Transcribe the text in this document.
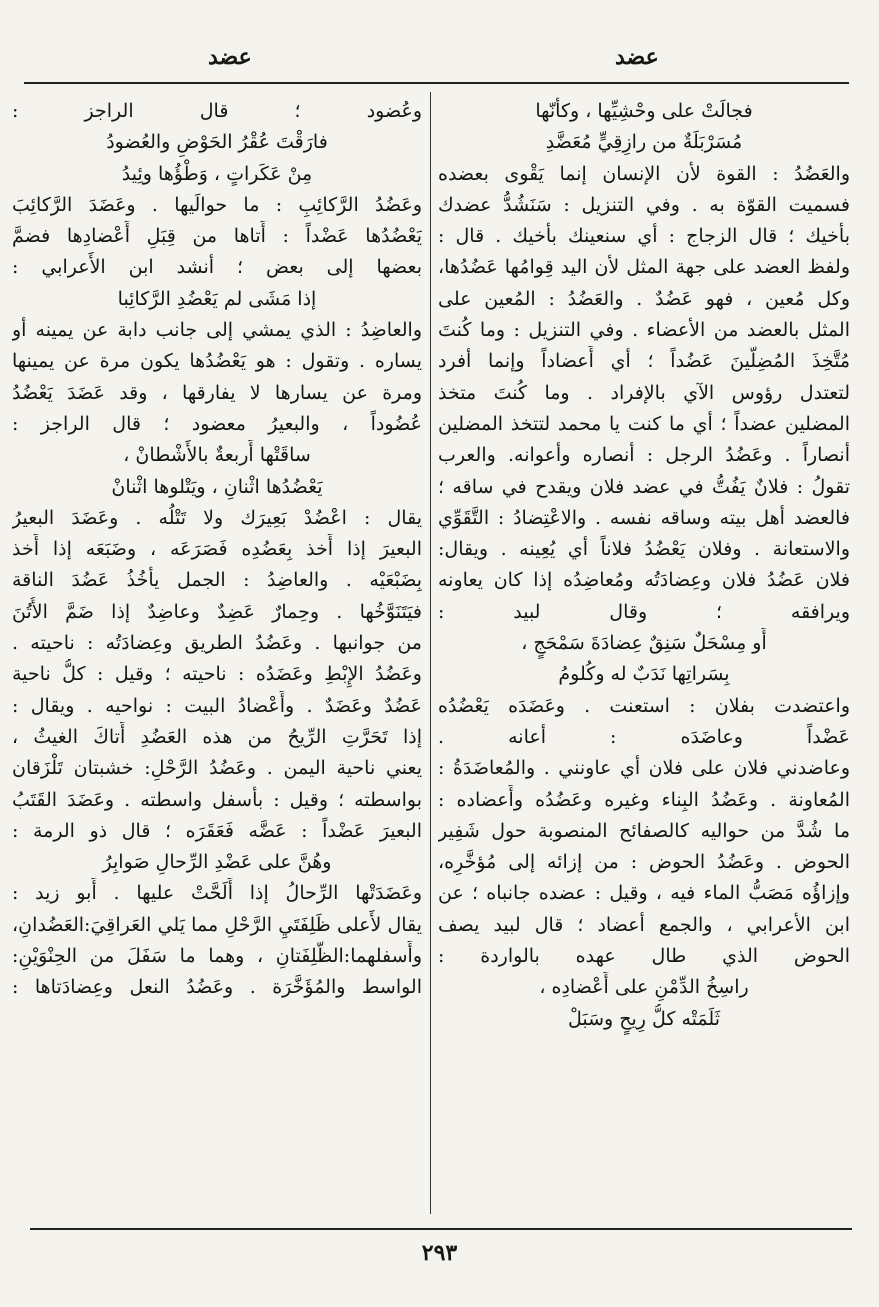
عضد
عضد
فجالَتْ على وحْشِيِّها ، وكأنّها
مُسَرْبَلَةٌ من رازِقِيٍّ مُعَضَّدِ
والعَضُدُ : القوة لأن الإنسان إنما يَقْوى بعضده
فسميت القوّة به . وفي التنزيل : سَنَشُدُّ عضدك
بأَخيك ؛ قال الزجاج : أي سنعينك بأخيك . قال :
ولفظ العضد على جهة المثل لأن اليد قِوامُها عَضُدُها،
وكل مُعين ، فهو عَضُدٌ . والعَضُدُ : المُعين على
المثل بالعضد من الأعضاء . وفي التنزيل : وما كُنتَ
مُتَّخِذَ المُضِلّينَ عَضُداً ؛ أي أَعضاداً وإنما أفرد
لتعتدل رؤوس الآي بالإفراد . وما كُنتَ متخذ
المضلين عضداً ؛ أي ما كنت يا محمد لتتخذ المضلين
أنصاراً . وعَضُدُ الرجل : أنصاره وأعوانه. والعرب
تقولُ : فلانٌ يَفُتُّ في عضد فلان ويقدح في ساقه ؛
فالعضد أهل بيته وساقه نفسه . والاعْتِضادُ : التَّقَوِّي
والاستعانة . وفلان يَعْضُدُ فلاناً أي يُعِينه . ويقال:
فلان عَضُدُ فلان وعِضادَتُه ومُعاضِدُه إذا كان يعاونه
ويرافقه ؛ وقال لبيد :
أَو مِسْحَلٌ سَنِقٌ عِضادَةَ سَمْحَجٍ ،
بِسَراتِها نَدَبٌ له وكُلومُ
واعتضدت بفلان : استعنت . وعَضَدَه يَعْضُدُه
عَضْداً وعاضَدَه : أعانه .
وعاضدني فلان على فلان أي عاونني . والمُعاضَدَةُ :
المُعاونة . وعَضُدُ البِناء وغيره وعَضُدُه وأَعضاده :
ما شُدَّ من حواليه كالصفائح المنصوبة حول شَفِير
الحوض . وعَضُدُ الحوض : من إزائه إلى مُؤخَّرِه،
وإزاؤُه مَصَبُّ الماء فيه ، وقيل : عضده جانباه ؛ عن
ابن الأعرابي ، والجمع أعضاد ؛ قال لبيد يصف
الحوض الذي طال عهده بالواردة :
راسِخُ الدِّمْنِ على أَعْضادِه ،
ثَلَمَتْه كلُّ رِيحٍ وسَبَلْ
وعُضود ؛ قال الراجز :
فارَقْتَ عُقْرُ الحَوْضِ والعُضودُ
مِنْ عَكَراتٍ ، وَطْؤُها وئِيدُ
وعَضُدُ الرَّكائِبِ : ما حوالَيها . وعَضَدَ الرَّكائِبَ
يَعْضُدُها عَضْداً : أَتاها من قِبَلِ أَعْضادِها فضمَّ
بعضها إلى بعض ؛ أنشد ابن الأَعرابي :
إذا مَشَى لم يَعْضُدِ الرَّكائِبا
والعاضِدُ : الذي يمشي إلى جانب دابة عن يمينه أو
يساره . وتقول : هو يَعْضُدُها يكون مرة عن يمينها
ومرة عن يسارها لا يفارقها ، وقد عَضَدَ يَعْضُدُ
عُضُوداً ، والبعيرُ معضود ؛ قال الراجز :
ساقَتْها أَربعةٌ بالأَشْطانْ ،
يَعْضُدُها اثْنانِ ، ويَتْلوها اثْنانْ
يقال : اعْضُدْ بَعِيرَك ولا تَتْلُه . وعَضَدَ البعيرُ
البعيرَ إذا أَخذ بِعَضُدِه فَصَرَعَه ، وضَبَعَه إذا أَخذ
بِضَبْعَيْه . والعاضِدُ : الجمل يأْخُذُ عَضُدَ الناقة
فيَتَنَوَّخُها . وحِمارٌ عَضِدٌ وعاضِدٌ إذا ضَمَّ الأُتُنَ
من جوانبها . وعَضُدُ الطريق وعِضادَتُه : ناحيته .
وعَضُدُ الإِبْطِ وعَضَدُه : ناحيته ؛ وقيل : كلُّ ناحية
عَضُدٌ وعَضَدٌ . وأَعْضادُ البيت : نواحيه . ويقال :
إذا تَحَرَّتِ الرِّيحُ من هذه العَضُدِ أَتاكَ الغيثُ ،
يعني ناحية اليمن . وعَضُدُ الرَّحْلِ: خشبتان تَلْزَقان
بواسطته ؛ وقيل : بأَسفل واسطته . وعَضَدَ القَتَبُ
البعيرَ عَضْداً : عَضَّه فَعَقَرَه ؛ قال ذو الرمة :
وهُنَّ على عَضْدِ الرِّحالِ صَوابِرُ
وعَضَدَتْها الرِّحالُ إذا أَلَحَّتْ عليها . أَبو زيد :
يقال لأَعلى ظَلِفَتَيِ الرَّحْلِ مما يَلي العَراقِيَ:العَضُدانِ،
وأَسفلهما:الظَّلِفَتانِ ، وهما ما سَفَلَ من الحِنْوَيْنِ:
الواسط والمُؤَخَّرَة . وعَضُدُ النعل وعِضادَتاها :
٢٩٣
